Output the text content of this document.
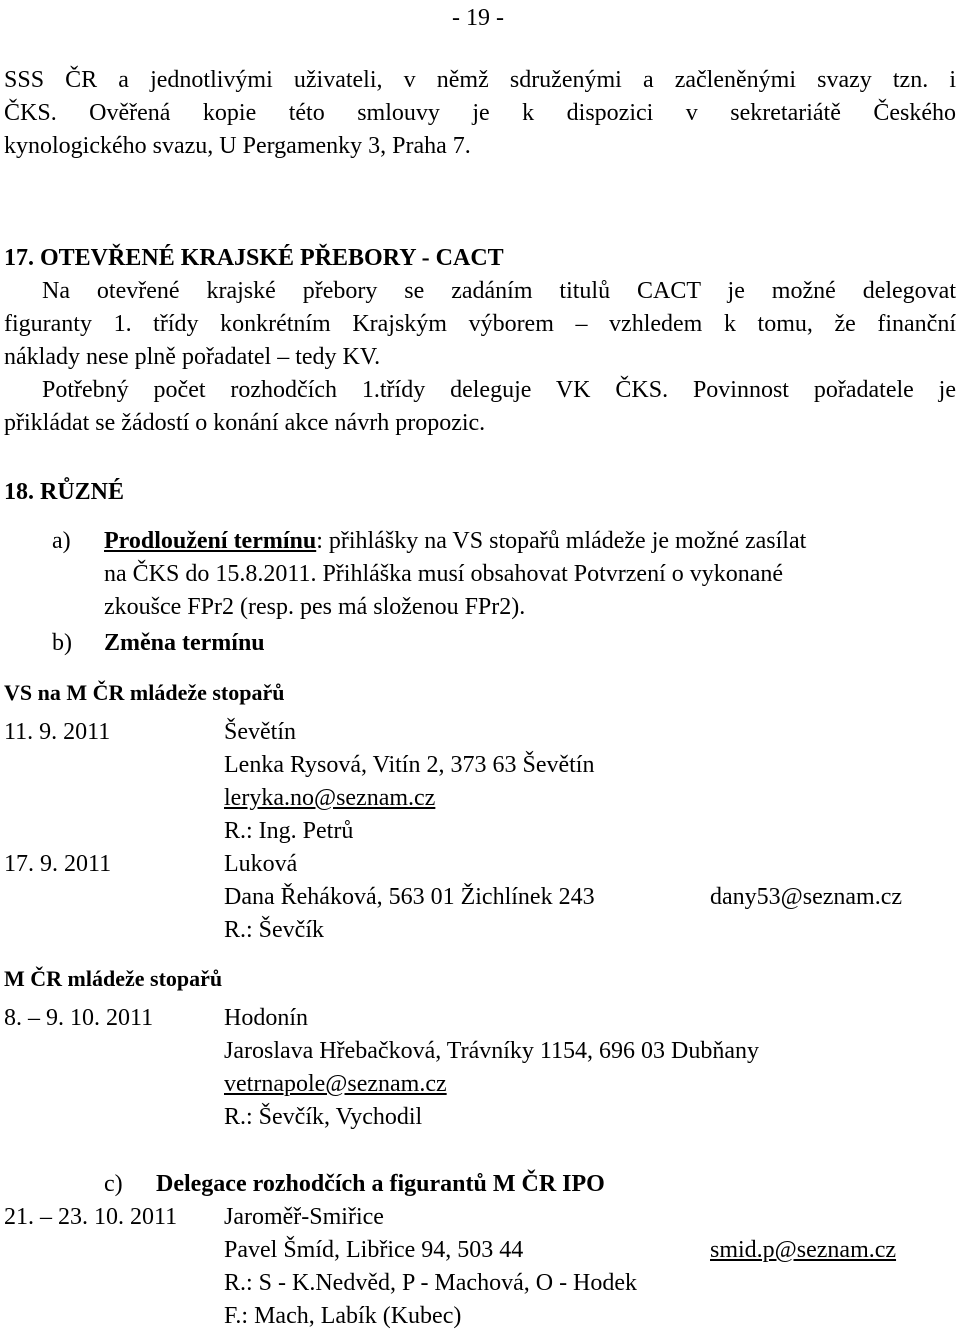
- 19 -
SSS ČR a jednotlivými uživateli, v němž sdruženými a začleněnými svazy tzn. i
ČKS. Ověřená kopie této smlouvy je k dispozici v sekretariátě Českého
kynologického svazu, U Pergamenky 3, Praha 7.
17. OTEVŘENÉ KRAJSKÉ PŘEBORY - CACT
Na otevřené krajské přebory se zadáním titulů CACT je možné delegovat
figuranty 1. třídy konkrétním Krajským výborem – vzhledem k tomu, že finanční
náklady nese plně pořadatel – tedy KV.
Potřebný počet rozhodčích 1.třídy deleguje VK ČKS. Povinnost pořadatele je
přikládat se žádostí o konání akce návrh propozic.
18. RŮZNÉ
a) Prodloužení termínu: přihlášky na VS stopařů mládeže je možné zasílat
na ČKS do 15.8.2011. Přihláška musí obsahovat Potvrzení o vykonané
zkoušce FPr2 (resp. pes má složenou FPr2).
b) Změna termínu
VS na M ČR mládeže stopařů
11. 9. 2011	Ševětín
Lenka Rysová, Vitín 2, 373 63 Ševětín
leryka.no@seznam.cz
R.: Ing. Petrů
17. 9. 2011	Luková
Dana Řeháková, 563 01 Žichlínek 243	dany53@seznam.cz
R.: Ševčík
M ČR mládeže stopařů
8. – 9. 10. 2011	Hodonín
Jaroslava Hřebačková, Trávníky 1154, 696 03 Dubňany
vetrnapole@seznam.cz
R.: Ševčík, Vychodil
c) Delegace rozhodčích a figurantů M ČR IPO
21. – 23. 10. 2011 Jaroměř-Smiřice
Pavel Šmíd, Libřice 94, 503 44	smid.p@seznam.cz
R.: S - K.Nedvěd, P - Machová, O - Hodek
F.: Mach, Labík (Kubec)
